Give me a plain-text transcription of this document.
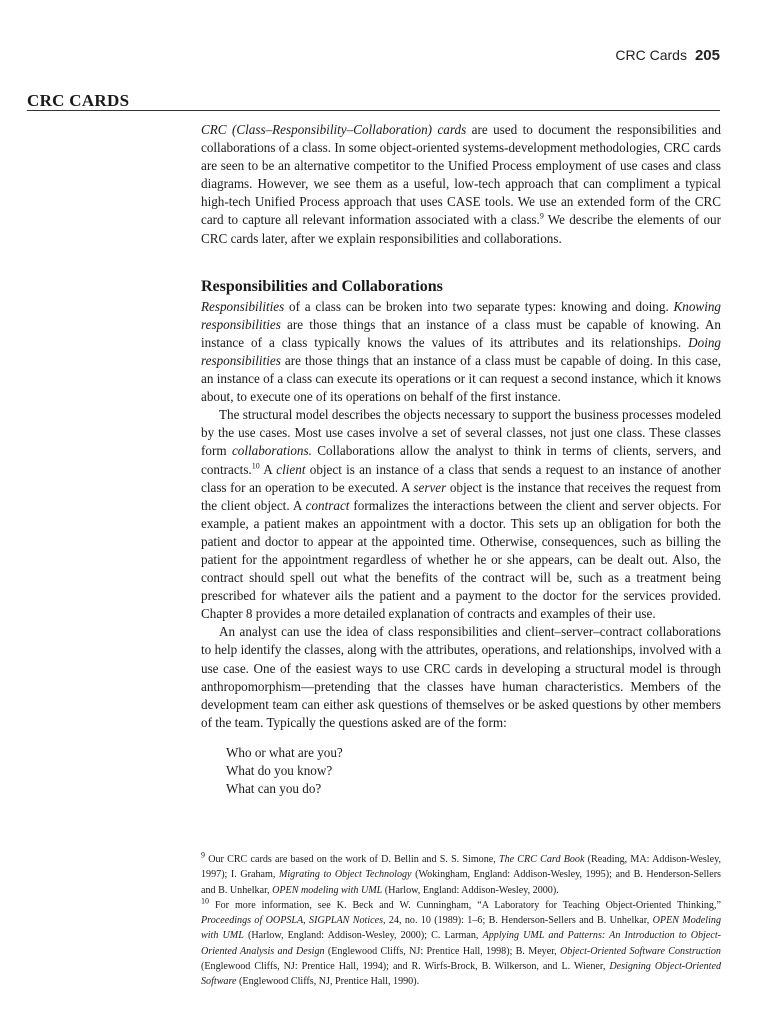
CRC Cards 205
CRC CARDS

CRC (Class–Responsibility–Collaboration) cards are used to document the responsibilities and collaborations of a class. In some object-oriented systems-development methodologies, CRC cards are seen to be an alternative competitor to the Unified Process employment of use cases and class diagrams. However, we see them as a useful, low-tech approach that can compliment a typical high-tech Unified Process approach that uses CASE tools. We use an extended form of the CRC card to capture all relevant information associated with a class.$^9$ We describe the elements of our CRC cards later, after we explain responsibilities and collaborations.

Responsibilities and Collaborations

Responsibilities of a class can be broken into two separate types: knowing and doing. Knowing responsibilities are those things that an instance of a class must be capable of knowing. An instance of a class typically knows the values of its attributes and its relationships. Doing responsibilities are those things that an instance of a class must be capable of doing. In this case, an instance of a class can execute its operations or it can request a second instance, which it knows about, to execute one of its operations on behalf of the first instance.

The structural model describes the objects necessary to support the business processes modeled by the use cases. Most use cases involve a set of several classes, not just one class. These classes form collaborations. Collaborations allow the analyst to think in terms of clients, servers, and contracts.$^{10}$ A client object is an instance of a class that sends a request to an instance of another class for an operation to be executed. A server object is the instance that receives the request from the client object. A contract formalizes the interactions between the client and server objects. For example, a patient makes an appointment with a doctor. This sets up an obligation for both the patient and doctor to appear at the appointed time. Otherwise, consequences, such as billing the patient for the appointment regardless of whether he or she appears, can be dealt out. Also, the contract should spell out what the benefits of the contract will be, such as a treatment being prescribed for whatever ails the patient and a payment to the doctor for the services provided. Chapter 8 provides a more detailed explanation of contracts and examples of their use.

An analyst can use the idea of class responsibilities and client–server–contract collaborations to help identify the classes, along with the attributes, operations, and relationships, involved with a use case. One of the easiest ways to use CRC cards in developing a structural model is through anthropomorphism—pretending that the classes have human characteristics. Members of the development team can either ask questions of themselves or be asked questions by other members of the team. Typically the questions asked are of the form:

Who or what are you?
What do you know?
What can you do?

$^9$ Our CRC cards are based on the work of D. Bellin and S. S. Simone, The CRC Card Book (Reading, MA: Addison-Wesley, 1997); I. Graham, Migrating to Object Technology (Wokingham, England: Addison-Wesley, 1995); and B. Henderson-Sellers and B. Unhelkar, OPEN modeling with UML (Harlow, England: Addison-Wesley, 2000).

$^{10}$ For more information, see K. Beck and W. Cunningham, “A Laboratory for Teaching Object-Oriented Thinking,” Proceedings of OOPSLA, SIGPLAN Notices, 24, no. 10 (1989): 1–6; B. Henderson-Sellers and B. Unhelkar, OPEN Modeling with UML (Harlow, England: Addison-Wesley, 2000); C. Larman, Applying UML and Patterns: An Introduction to Object-Oriented Analysis and Design (Englewood Cliffs, NJ: Prentice Hall, 1998); B. Meyer, Object-Oriented Software Construction (Englewood Cliffs, NJ: Prentice Hall, 1994); and R. Wirfs-Brock, B. Wilkerson, and L. Wiener, Designing Object-Oriented Software (Englewood Cliffs, NJ, Prentice Hall, 1990).
